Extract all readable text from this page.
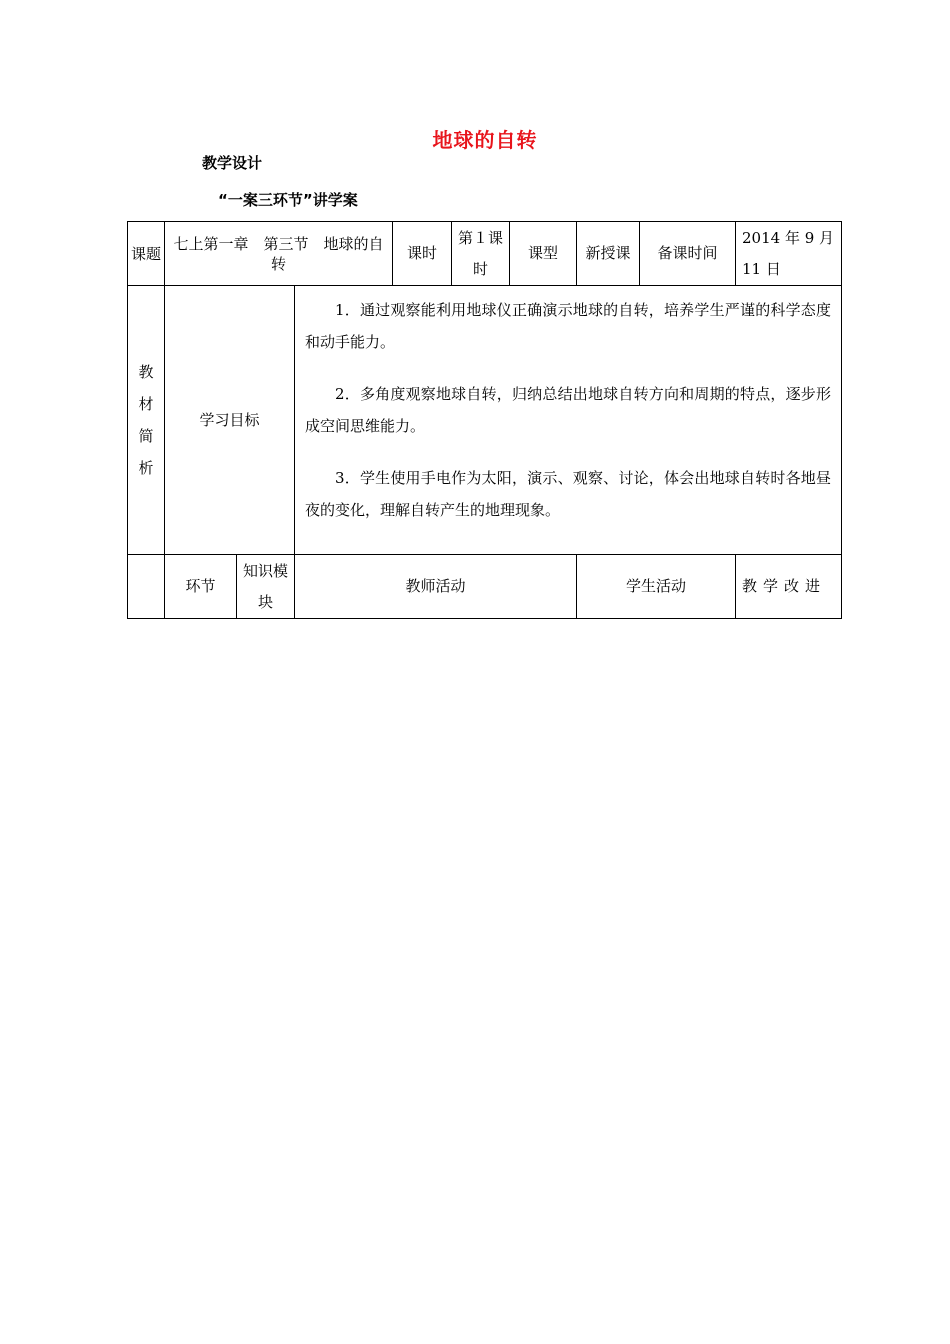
地球的自转
教学设计
“一案三环节”讲学案
课题	七上第一章　第三节　地球的自转			课时	第１课时	课型	新授课	备课时间	2014 年 9 月 11 日

教材简析	学习目标		1．通过观察能利用地球仪正确演示地球的自转，培养学生严谨的科学态度和动手能力。

2．多角度观察地球自转，归纳总结出地球自转方向和周期的特点，逐步形成空间思维能力。

3．学生使用手电作为太阳，演示、观察、讨论，体会出地球自转时各地昼夜的变化，理解自转产生的地理现象。						

	环节	知识模块	教师活动				学生活动		教学改进
